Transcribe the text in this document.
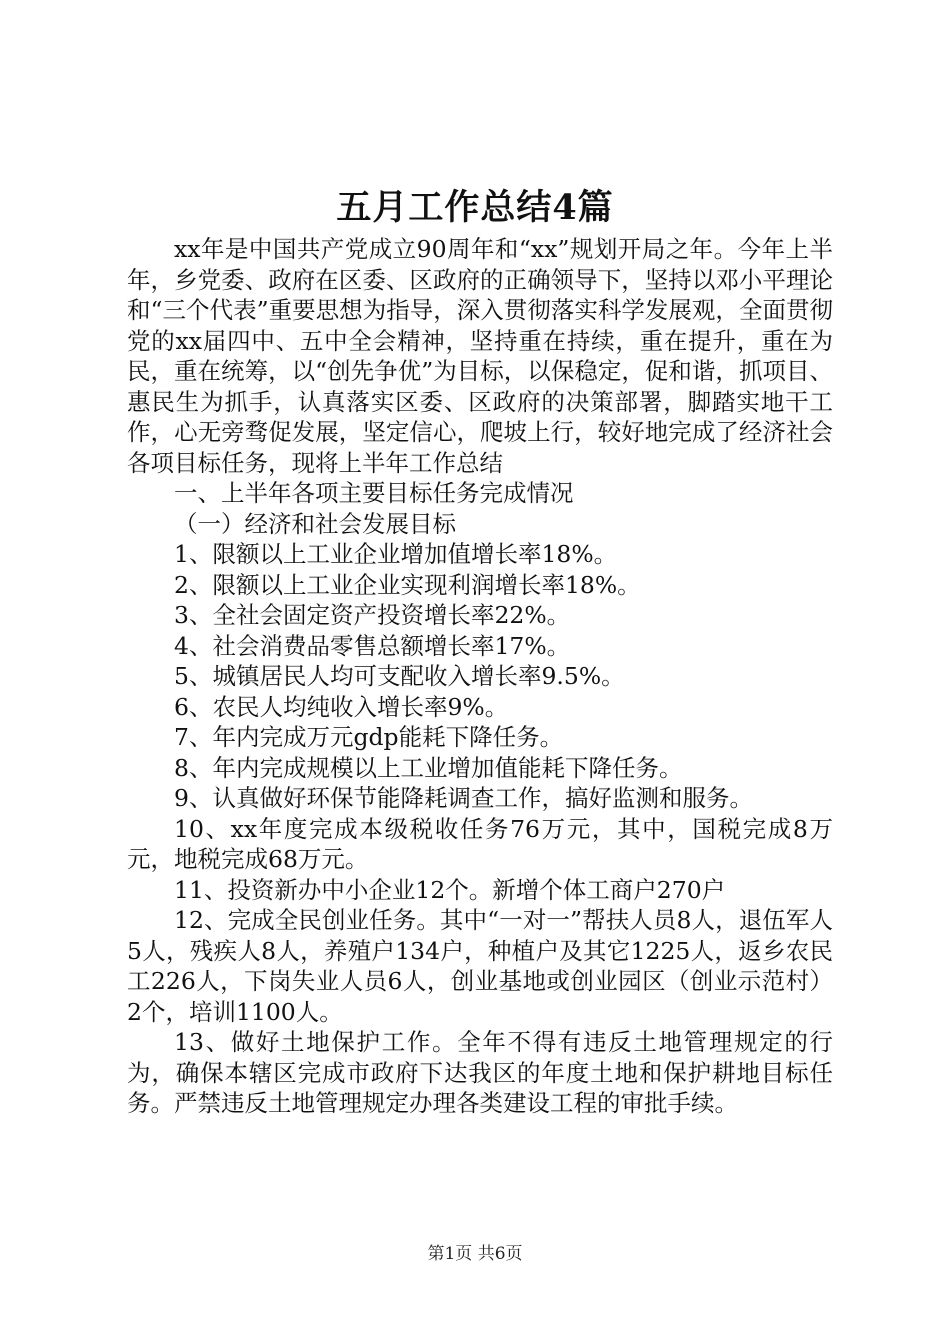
五月工作总结4篇

xx年是中国共产党成立90周年和“xx”规划开局之年。今年上半年，乡党委、政府在区委、区政府的正确领导下，坚持以邓小平理论和“三个代表”重要思想为指导，深入贯彻落实科学发展观，全面贯彻党的xx届四中、五中全会精神，坚持重在持续，重在提升，重在为民，重在统筹，以“创先争优”为目标，以保稳定，促和谐，抓项目、惠民生为抓手，认真落实区委、区政府的决策部署，脚踏实地干工作，心无旁骛促发展，坚定信心，爬坡上行，较好地完成了经济社会各项目标任务，现将上半年工作总结

一、上半年各项主要目标任务完成情况

（一）经济和社会发展目标

1、限额以上工业企业增加值增长率18%。

2、限额以上工业企业实现利润增长率18%。

3、全社会固定资产投资增长率22%。

4、社会消费品零售总额增长率17%。

5、城镇居民人均可支配收入增长率9.5%。

6、农民人均纯收入增长率9%。

7、年内完成万元gdp能耗下降任务。

8、年内完成规模以上工业增加值能耗下降任务。

9、认真做好环保节能降耗调查工作，搞好监测和服务。

10、xx年度完成本级税收任务76万元，其中，国税完成8万元，地税完成68万元。

11、投资新办中小企业12个。新增个体工商户270户

12、完成全民创业任务。其中“一对一”帮扶人员8人，退伍军人5人，残疾人8人，养殖户134户，种植户及其它1225人，返乡农民工226人，下岗失业人员6人，创业基地或创业园区（创业示范村）2个，培训1100人。

13、做好土地保护工作。全年不得有违反土地管理规定的行为，确保本辖区完成市政府下达我区的年度土地和保护耕地目标任务。严禁违反土地管理规定办理各类建设工程的审批手续。

第1页 共6页
